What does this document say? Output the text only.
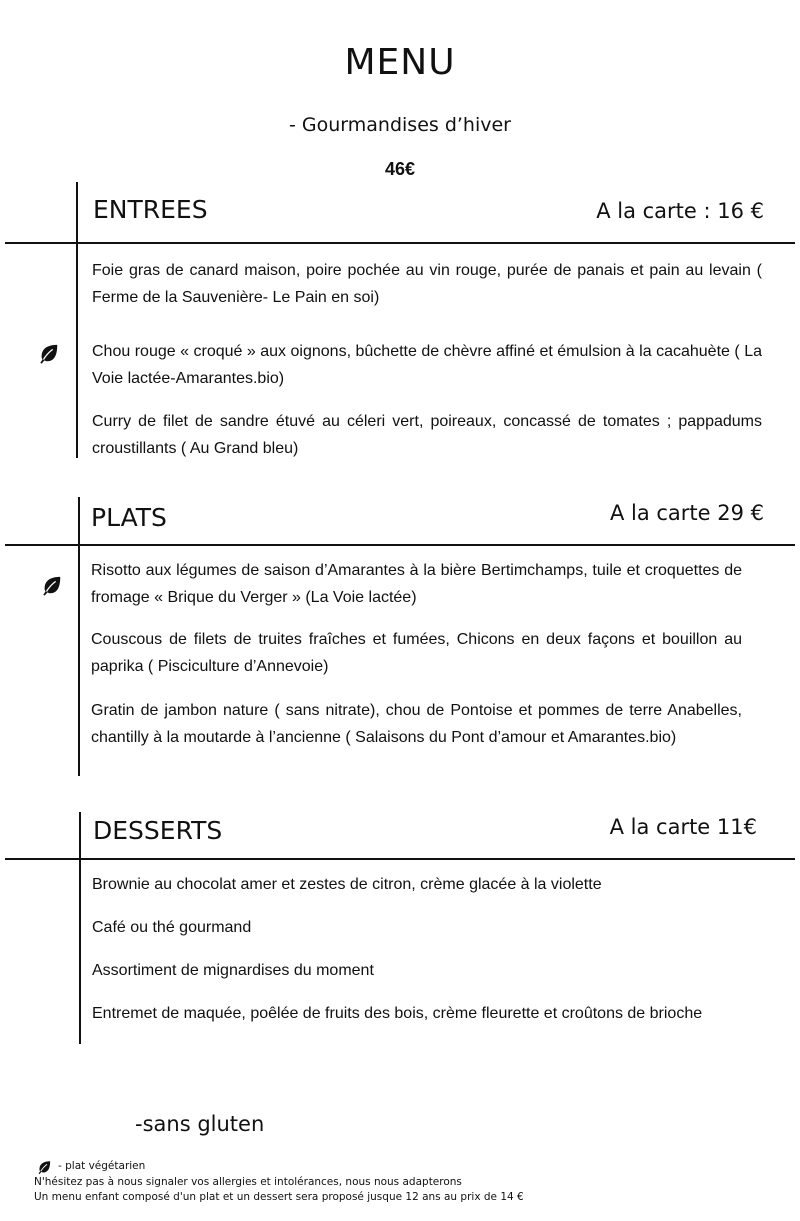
MENU
- Gourmandises d’hiver
46€
ENTREES	A la carte : 16 €
Foie gras de canard maison, poire pochée au vin rouge, purée de panais et pain au levain ( Ferme de la Sauvenière- Le Pain en soi)
Chou rouge « croqué » aux oignons, bûchette de chèvre affiné et émulsion à la cacahuète ( La Voie lactée-Amarantes.bio)
Curry de filet de sandre étuvé au céleri vert, poireaux, concassé de tomates ; pappadums croustillants ( Au Grand bleu)
PLATS	A la carte 29 €
Risotto aux légumes de saison d’Amarantes à la bière Bertimchamps, tuile et croquettes de fromage « Brique du Verger » (La Voie lactée)
Couscous de filets de truites fraîches et fumées, Chicons en deux façons et bouillon au paprika ( Pisciculture d’Annevoie)
Gratin de jambon nature ( sans nitrate), chou de Pontoise et pommes de terre Anabelles, chantilly à la moutarde à l’ancienne ( Salaisons du Pont d’amour et Amarantes.bio)
DESSERTS	A la carte 11€
Brownie au chocolat amer et zestes de citron, crème glacée à la violette
Café ou thé gourmand
Assortiment de mignardises du moment
Entremet de maquée, poêlée de fruits des bois, crème fleurette et croûtons de brioche
-sans gluten
- plat végétarien
N'hésitez pas à nous signaler vos allergies et intolérances, nous nous adapterons
Un menu enfant composé d'un plat et un dessert sera proposé jusque 12 ans au prix de 14 €
